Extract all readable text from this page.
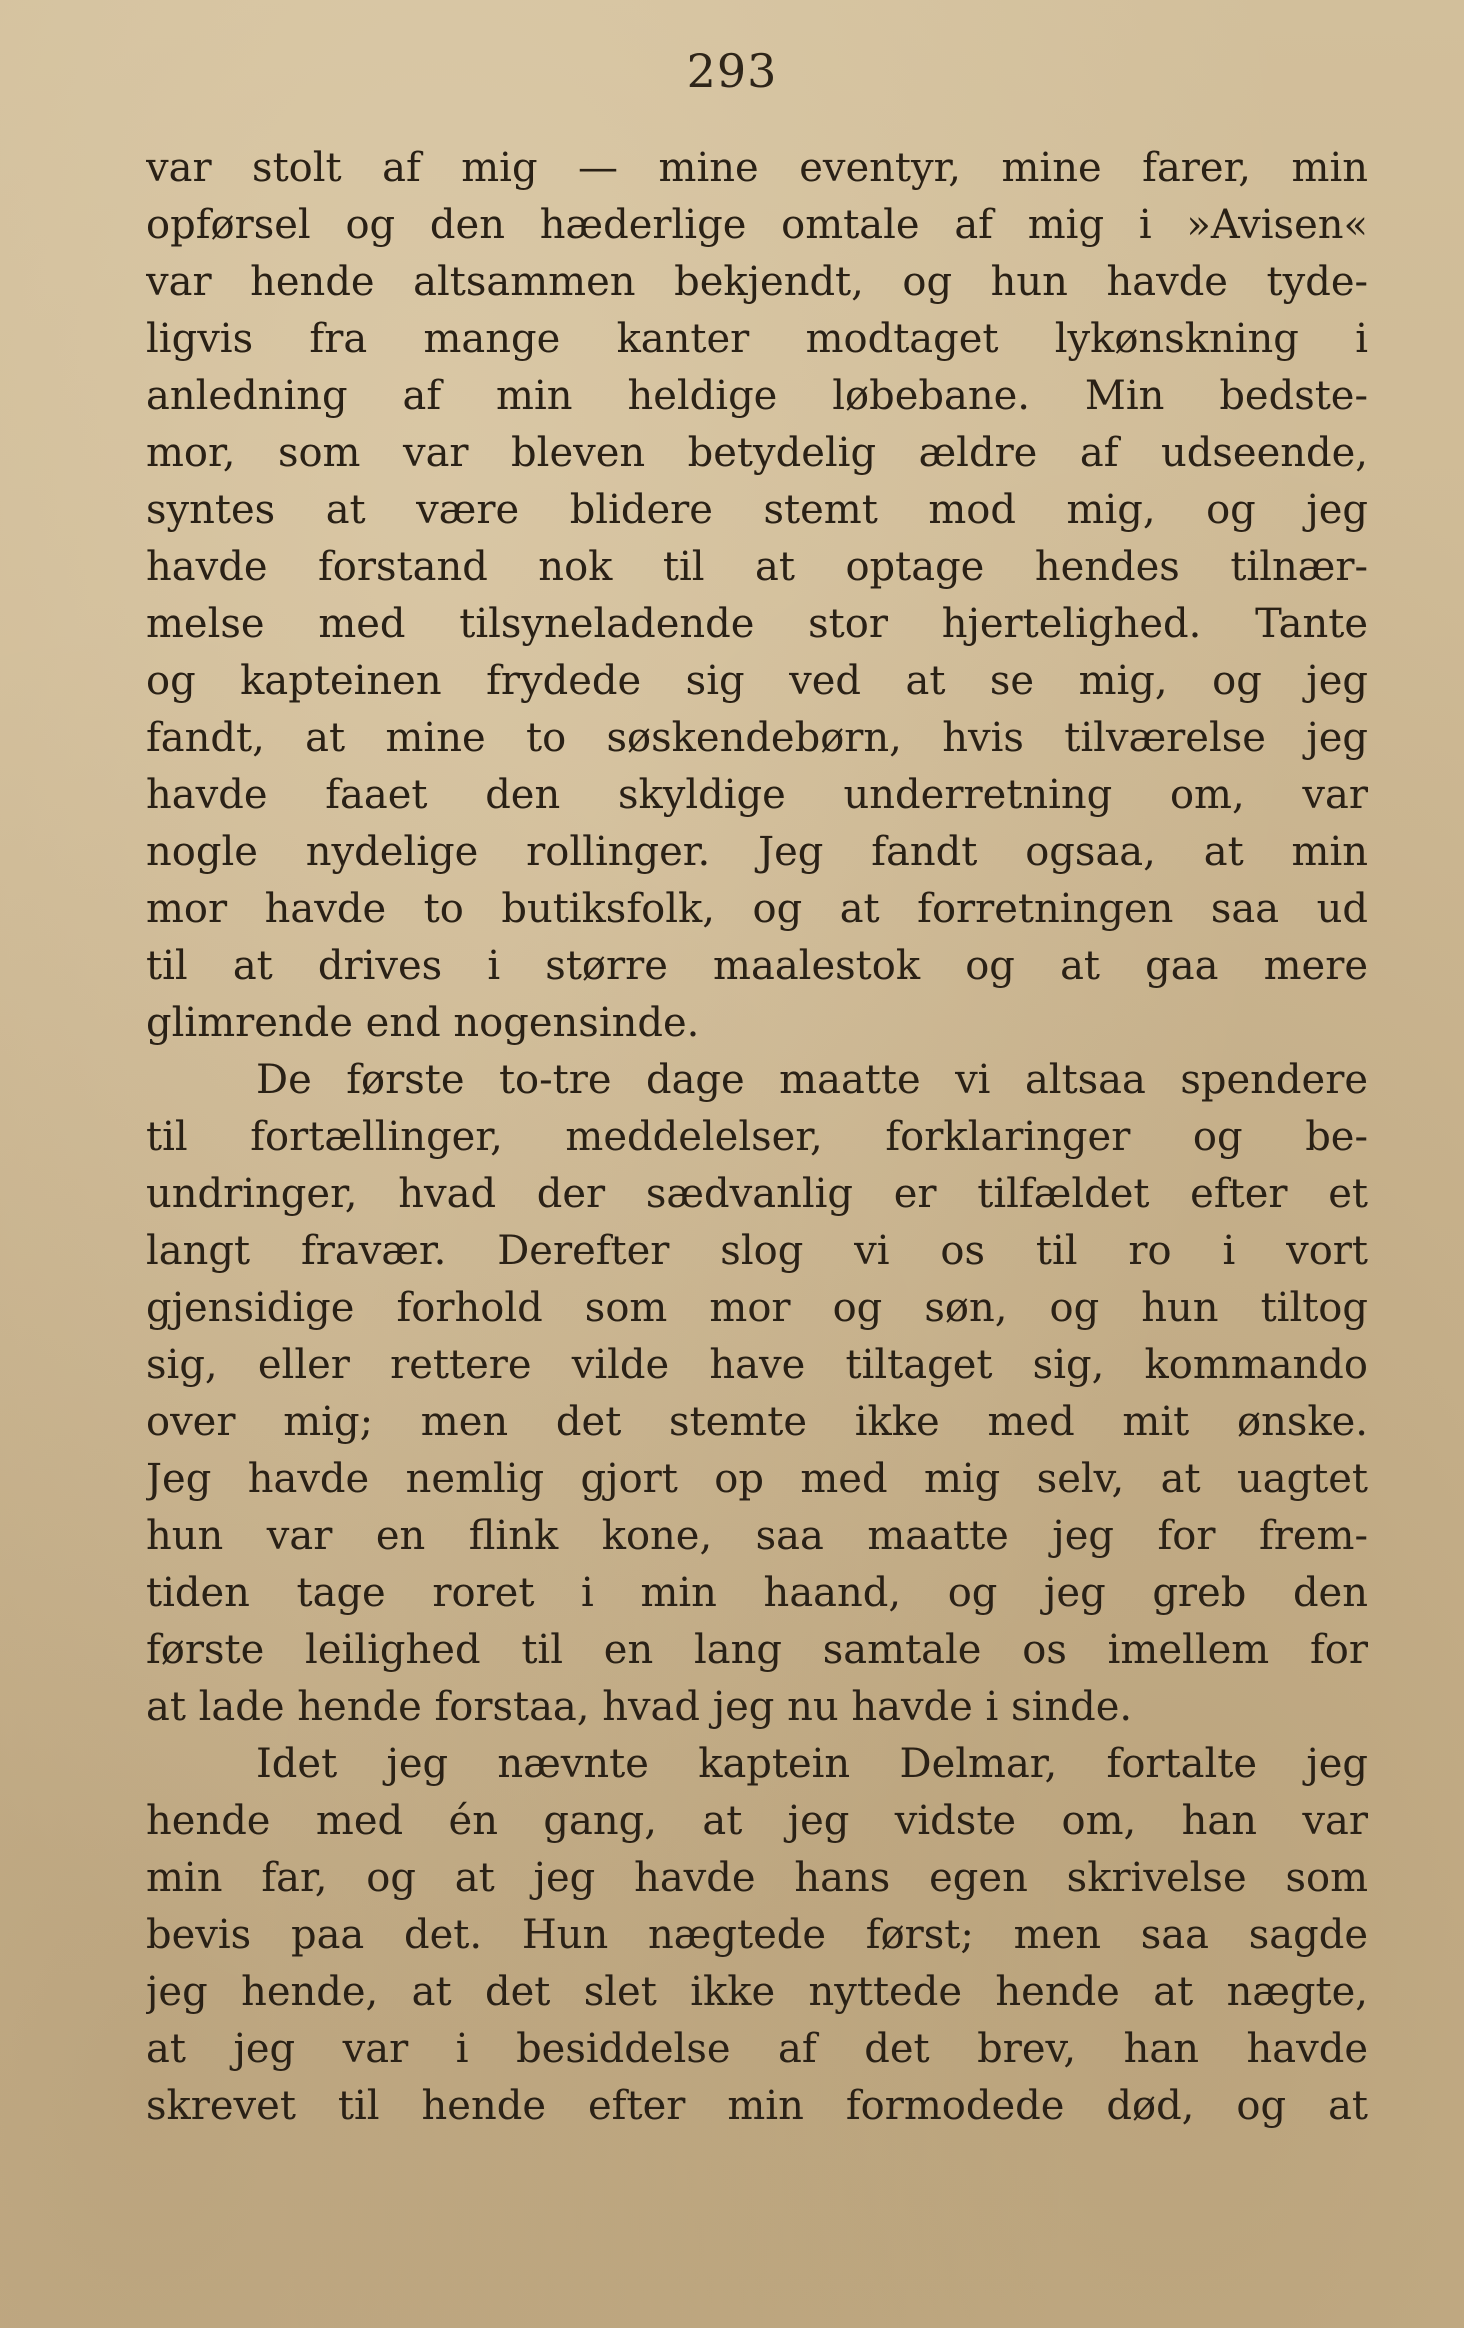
293
var stolt af mig — mine eventyr, mine farer, min
opførsel og den hæderlige omtale af mig i »Avisen«
var hende altsammen bekjendt, og hun havde tyde-
ligvis fra mange kanter modtaget lykønskning i
anledning af min heldige løbebane. Min bedste-
mor, som var bleven betydelig ældre af udseende,
syntes at være blidere stemt mod mig, og jeg
havde forstand nok til at optage hendes tilnær-
melse med tilsyneladende stor hjertelighed. Tante
og kapteinen frydede sig ved at se mig, og jeg
fandt, at mine to søskendebørn, hvis tilværelse jeg
havde faaet den skyldige underretning om, var
nogle nydelige rollinger. Jeg fandt ogsaa, at min
mor havde to butiksfolk, og at forretningen saa ud
til at drives i større maalestok og at gaa mere
glimrende end nogensinde.
De første to-tre dage maatte vi altsaa spendere
til fortællinger, meddelelser, forklaringer og be-
undringer, hvad der sædvanlig er tilfældet efter et
langt fravær. Derefter slog vi os til ro i vort
gjensidige forhold som mor og søn, og hun tiltog
sig, eller rettere vilde have tiltaget sig, kommando
over mig; men det stemte ikke med mit ønske.
Jeg havde nemlig gjort op med mig selv, at uagtet
hun var en flink kone, saa maatte jeg for frem-
tiden tage roret i min haand, og jeg greb den
første leilighed til en lang samtale os imellem for
at lade hende forstaa, hvad jeg nu havde i sinde.
Idet jeg nævnte kaptein Delmar, fortalte jeg
hende med én gang, at jeg vidste om, han var
min far, og at jeg havde hans egen skrivelse som
bevis paa det. Hun nægtede først; men saa sagde
jeg hende, at det slet ikke nyttede hende at nægte,
at jeg var i besiddelse af det brev, han havde
skrevet til hende efter min formodede død, og at
